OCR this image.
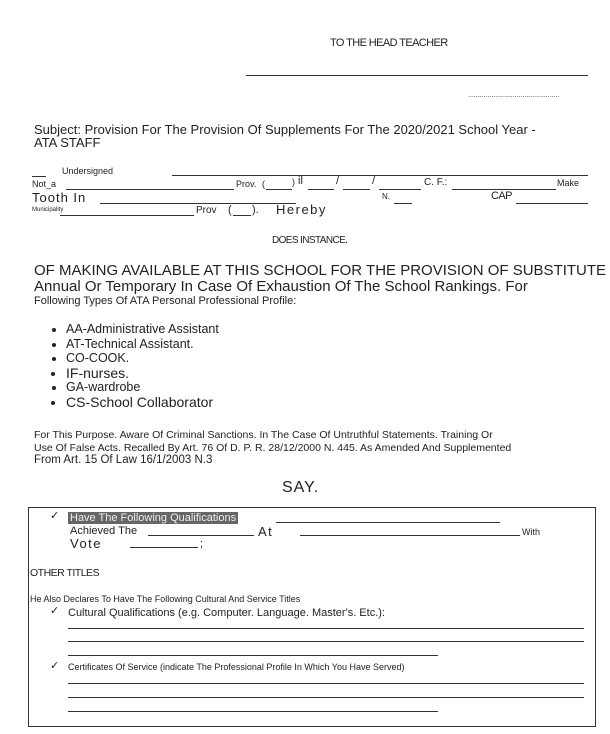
TO THE HEAD TEACHER
...............................................
Subject: Provision For The Provision Of Supplements For The 2020/2021 School Year -
ATA STAFF
Undersigned
Not_a	Prov. (	) il	/	/	C. F.:	Make
Tooth In	N.	CAP
Municipality	Prov ( ). Hereby
DOES INSTANCE.
OF MAKING AVAILABLE AT THIS SCHOOL FOR THE PROVISION OF SUBSTITUTE
Annual Or Temporary In Case Of Exhaustion Of The School Rankings. For
Following Types Of ATA Personal Professional Profile:
• AA-Administrative Assistant
• AT-Technical Assistant.
• CO-COOK.
• IF-nurses.
• GA-wardrobe
• CS-School Collaborator
For This Purpose. Aware Of Criminal Sanctions. In The Case Of Untruthful Statements. Training Or
Use Of False Acts. Recalled By Art. 76 Of D. P. R. 28/12/2000 N. 445. As Amended And Supplemented
From Art. 15 Of Law 16/1/2003 N.3
SAY.
✓ Have The Following Qualifications
Achieved The	At	With
Vote	;
OTHER TITLES
He Also Declares To Have The Following Cultural And Service Titles
✓ Cultural Qualifications (e.g. Computer. Language. Master's. Etc.):
✓ Certificates Of Service (indicate The Professional Profile In Which You Have Served)
